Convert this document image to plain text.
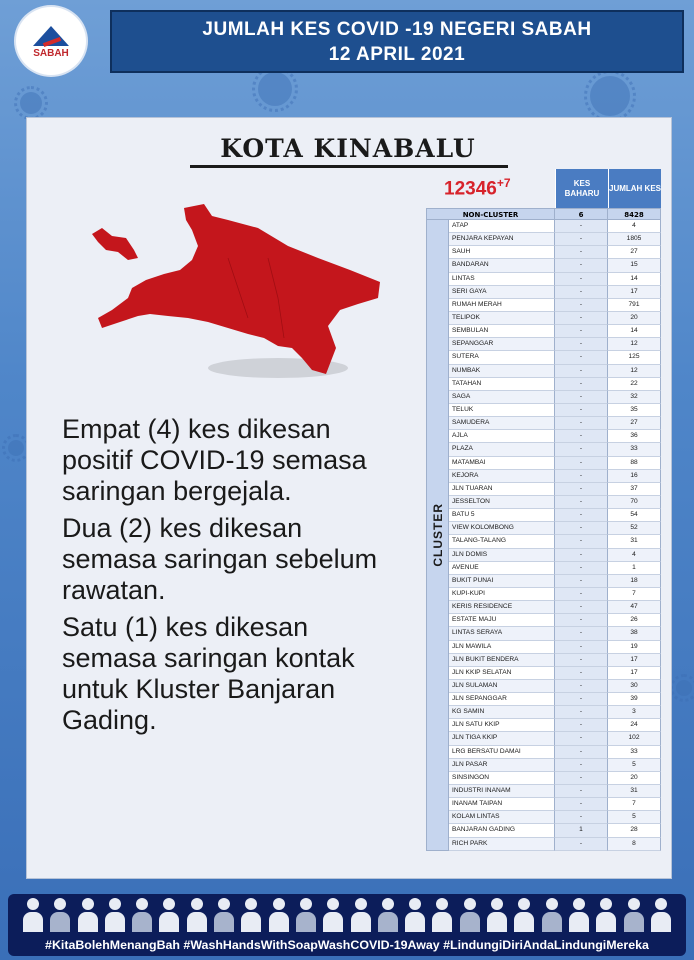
SABAH
JUMLAH KES COVID -19 NEGERI SABAH
12 APRIL 2021
KOTA KINABALU
$12346^{+7}$

Empat (4) kes dikesan positif COVID-19 semasa saringan bergejala.

Dua (2) kes dikesan semasa saringan sebelum rawatan.

Satu (1) kes dikesan semasa saringan kontak untuk Kluster Banjaran Gading.

KES BAHARU
JUMLAH KES
NON-CLUSTER	6	8428
CLUSTER
ATAP	-	4
PENJARA KEPAYAN	-	1805
SAUH	-	27
BANDARAN	-	15
LINTAS	-	14
SERI GAYA	-	17
RUMAH MERAH	-	791
TELIPOK	-	20
SEMBULAN	-	14
SEPANGGAR	-	12
SUTERA	-	125
NUMBAK	-	12
TATAHAN	-	22
SAGA	-	32
TELUK	-	35
SAMUDERA	-	27
AJLA	-	36
PLAZA	-	33
MATAMBAI	-	88
KEJORA	-	16
JLN TUARAN	-	37
JESSELTON	-	70
BATU 5	-	54
VIEW KOLOMBONG	-	52
TALANG-TALANG	-	31
JLN DOMIS	-	4
AVENUE	-	1
BUKIT PUNAI	-	18
KUPI-KUPI	-	7
KERIS RESIDENCE	-	47
ESTATE MAJU	-	26
LINTAS SERAYA	-	38
JLN MAWILA	-	19
JLN BUKIT BENDERA	-	17
JLN KKIP SELATAN	-	17
JLN SULAMAN	-	30
JLN SEPANGGAR	-	39
KG SAMIN	-	3
JLN SATU KKIP	-	24
JLN TIGA KKIP	-	102
LRG BERSATU DAMAI	-	33
JLN PASAR	-	5
SINSINGON	-	20
INDUSTRI INANAM	-	31
INANAM TAIPAN	-	7
KOLAM LINTAS	-	5
BANJARAN GADING	1	28
RICH PARK	-	8
#KitaBolehMenangBah #WashHandsWithSoapWashCOVID-19Away #LindungiDiriAndaLindungiMereka
